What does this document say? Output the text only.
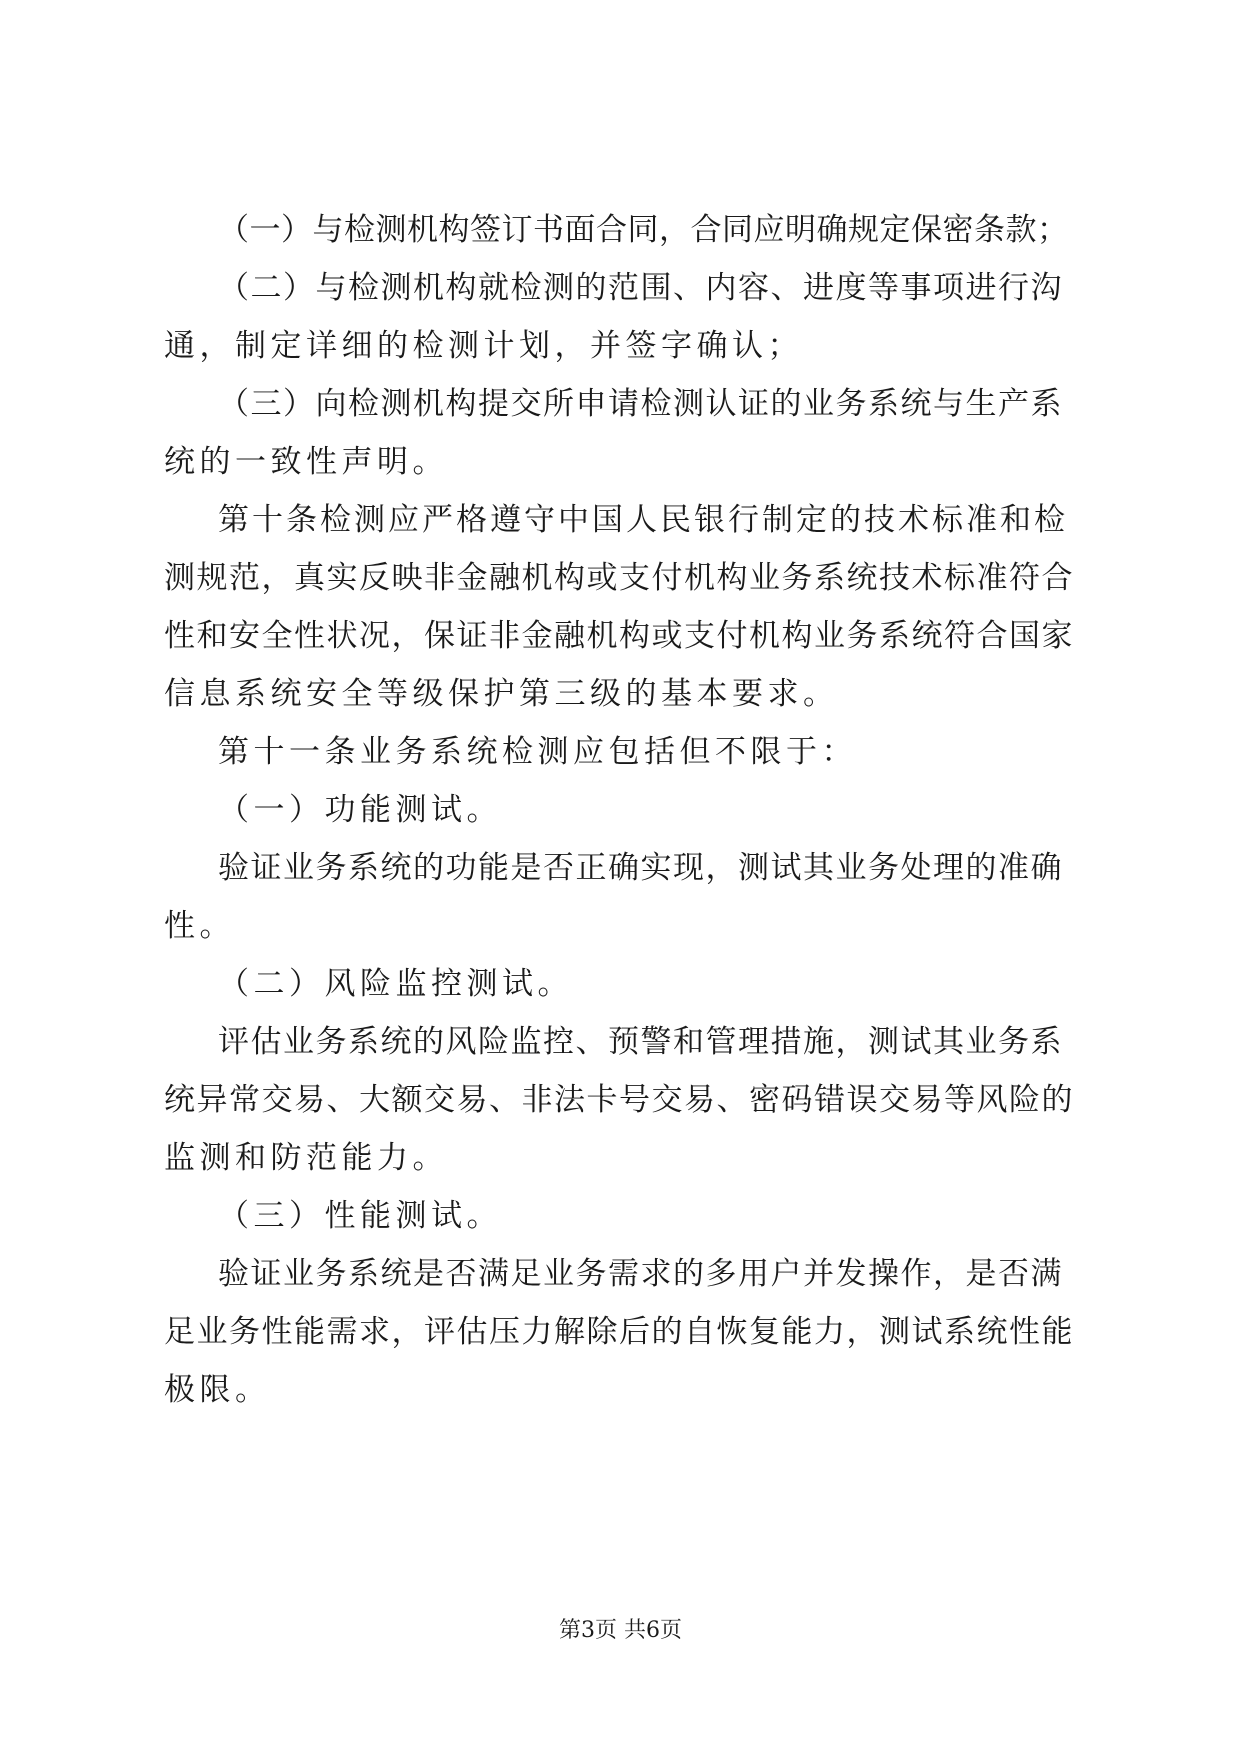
（一）与检测机构签订书面合同，合同应明确规定保密条款；
（二）与检测机构就检测的范围、内容、进度等事项进行沟
通，制定详细的检测计划，并签字确认；
（三）向检测机构提交所申请检测认证的业务系统与生产系
统的一致性声明。
第十条检测应严格遵守中国人民银行制定的技术标准和检
测规范，真实反映非金融机构或支付机构业务系统技术标准符合
性和安全性状况，保证非金融机构或支付机构业务系统符合国家
信息系统安全等级保护第三级的基本要求。
第十一条业务系统检测应包括但不限于：
（一）功能测试。
验证业务系统的功能是否正确实现，测试其业务处理的准确
性。
（二）风险监控测试。
评估业务系统的风险监控、预警和管理措施，测试其业务系
统异常交易、大额交易、非法卡号交易、密码错误交易等风险的
监测和防范能力。
（三）性能测试。
验证业务系统是否满足业务需求的多用户并发操作，是否满
足业务性能需求，评估压力解除后的自恢复能力，测试系统性能
极限。
第3页 共6页
